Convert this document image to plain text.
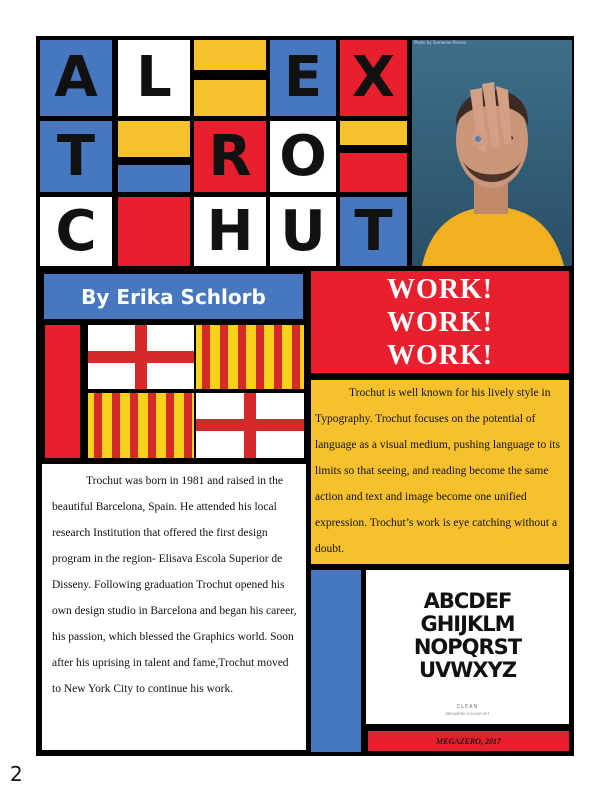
A L	E X
T	R O
C H U T
Photo by Someone Person
By Erika Schlorb	WORK!
WORK!
WORK!
Trochut is well known for his lively style in Typography. Trochut focuses on the potential of language as a visual medium, pushing language to its limits so that seeing, and reading become the same action and text and image become one unified expression. Trochut’s work is eye catching without a doubt.
Trochut was born in 1981 and raised in the beautiful Barcelona, Spain. He attended his local research Institution that offered the first design program in the region- Elisava Escola Superior de Disseny. Following graduation Trochut opened his own design studio in Barcelona and began his career, his passion, which blessed the Graphics world. Soon after his uprising in talent and fame,Trochut moved to New York City to continue his work.
ABCDEF
GHIJKLM
NOPQRST
UVWXYZ
CLEAN
MEGAZERO COLOUR SET
MEGAZERO, 2017
2
